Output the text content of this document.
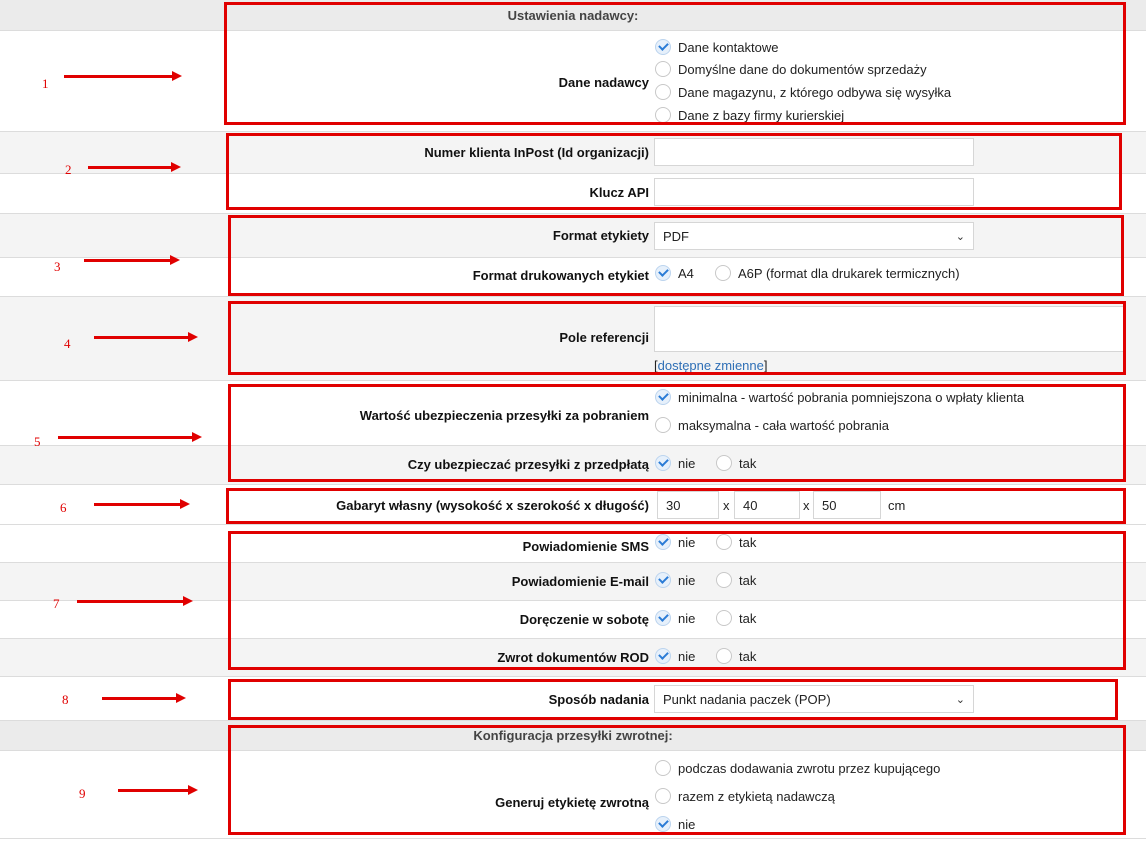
Ustawienia nadawcy:
Dane nadawcy
Dane kontaktowe
Domyślne dane do dokumentów sprzedaży
Dane magazynu, z którego odbywa się wysyłka
Dane z bazy firmy kurierskiej
Numer klienta InPost (Id organizacji)
Klucz API
Format etykiety PDF	⌄
Format drukowanych etykiet A4	A6P (format dla drukarek termicznych)
Pole referencji
[dostępne zmienne]
Wartość ubezpieczenia przesyłki za pobraniem
minimalna - wartość pobrania pomniejszona o wpłaty klienta
maksymalna - cała wartość pobrania
Czy ubezpieczać przesyłki z przedpłatą nie	tak
Gabaryt własny (wysokość x szerokość x długość)	30	x	40	x 50	cm
Powiadomienie SMS nie	tak
Powiadomienie E-mail nie	tak
Doręczenie w sobotę nie	tak
Zwrot dokumentów ROD nie	tak
Sposób nadania Punkt nadania paczek (POP)	⌄
Konfiguracja przesyłki zwrotnej:
Generuj etykietę zwrotną
podczas dodawania zwrotu przez kupującego
razem z etykietą nadawczą
nie
1
2
3
4
5
6
7
8
9
